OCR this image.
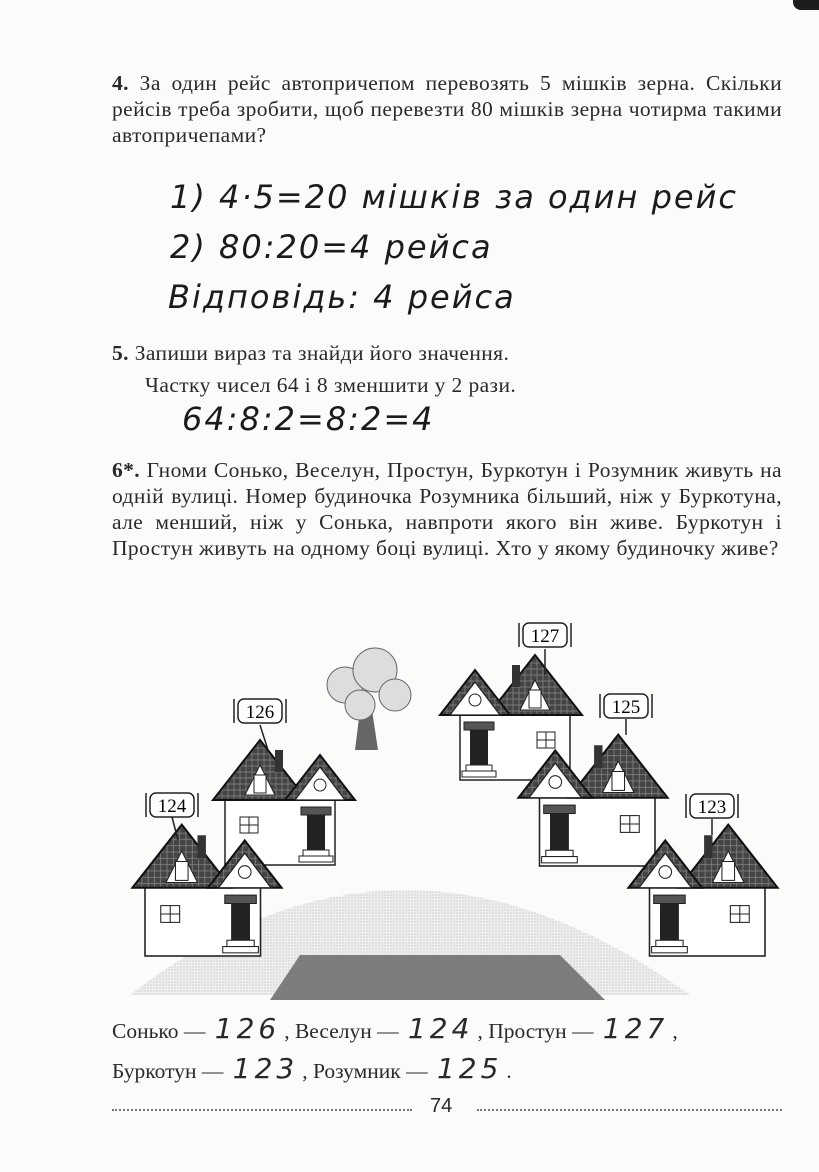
4. За один рейс автопричепом перевозять 5 мішків зерна. Скільки рейсів треба зробити, щоб перевезти 80 мішків зерна чотирма такими автопричепами?
1) 4·5=20 мішків за один рейс
2) 80:20=4 рейса
Відповідь: 4 рейса
5. Запиши вираз та знайди його значення.
Частку чисел 64 і 8 зменшити у 2 рази.
64:8:2=8:2=4
6*. Гноми Сонько, Веселун, Простун, Буркотун і Розумник живуть на одній вулиці. Номер будиночка Розумника більший, ніж у Буркотуна, але менший, ніж у Сонька, навпроти якого він живе. Буркотун і Простун живуть на одному боці вулиці. Хто у якому будиночку живе?
126
124
127
125
123
Сонько — 126 , Веселун — 124 , Простун — 127 ,
Буркотун — 123 , Розумник — 125 .
74
